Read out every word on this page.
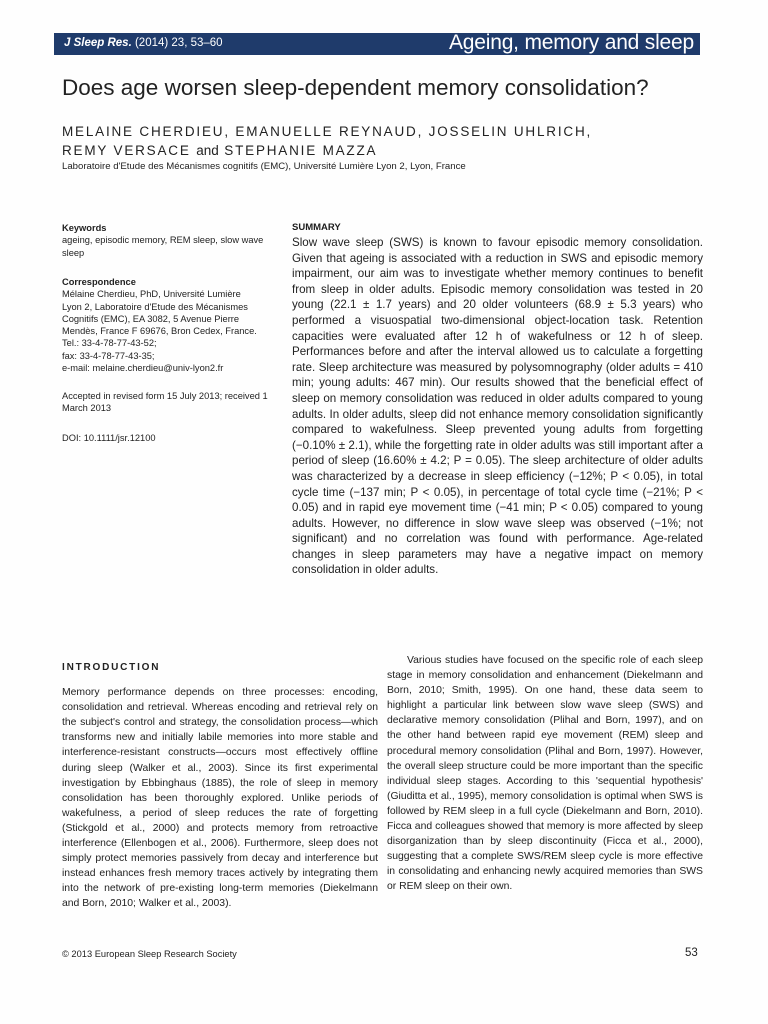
J Sleep Res. (2014) 23, 53–60	Ageing, memory and sleep
Does age worsen sleep-dependent memory consolidation?
MELAINE CHERDIEU, EMANUELLE REYNAUD, JOSSELIN UHLRICH,
REMY VERSACE and STEPHANIE MAZZA
Laboratoire d'Etude des Mécanismes cognitifs (EMC), Université Lumière Lyon 2, Lyon, France
Keywords

ageing, episodic memory, REM sleep, slow wave sleep

Correspondence

Mélaine Cherdieu, PhD, Université Lumière

Lyon 2, Laboratoire d'Etude des Mécanismes

Cognitifs (EMC), EA 3082, 5 Avenue Pierre

Mendès, France F 69676, Bron Cedex, France.

Tel.: 33-4-78-77-43-52;

fax: 33-4-78-77-43-35;

e-mail: melaine.cherdieu@univ-lyon2.fr

Accepted in revised form 15 July 2013; received 1 March 2013
DOI: 10.1111/jsr.12100
SUMMARY

Slow wave sleep (SWS) is known to favour episodic memory consolidation. Given that ageing is associated with a reduction in SWS and episodic memory impairment, our aim was to investigate whether memory continues to benefit from sleep in older adults. Episodic memory consolidation was tested in 20 young (22.1 ± 1.7 years) and 20 older volunteers (68.9 ± 5.3 years) who performed a visuospatial two-dimensional object-location task. Retention capacities were evaluated after 12 h of wakefulness or 12 h of sleep. Performances before and after the interval allowed us to calculate a forgetting rate. Sleep architecture was measured by polysomnography (older adults = 410 min; young adults: 467 min). Our results showed that the beneficial effect of sleep on memory consolidation was reduced in older adults compared to young adults. In older adults, sleep did not enhance memory consolidation significantly compared to wakefulness. Sleep prevented young adults from forgetting (−0.10% ± 2.1), while the forgetting rate in older adults was still important after a period of sleep (16.60% ± 4.2; P = 0.05). The sleep architecture of older adults was characterized by a decrease in sleep efficiency (−12%; P < 0.05), in total cycle time (−137 min; P < 0.05), in percentage of total cycle time (−21%; P < 0.05) and in rapid eye movement time (−41 min; P < 0.05) compared to young adults. However, no difference in slow wave sleep was observed (−1%; not significant) and no correlation was found with performance. Age-related changes in sleep parameters may have a negative impact on memory consolidation in older adults.

INTRODUCTION

Memory performance depends on three processes: encoding, consolidation and retrieval. Whereas encoding and retrieval rely on the subject's control and strategy, the consolidation process—which transforms new and initially labile memories into more stable and interference-resistant constructs—occurs most effectively offline during sleep (Walker et al., 2003). Since its first experimental investigation by Ebbinghaus (1885), the role of sleep in memory consolidation has been thoroughly explored. Unlike periods of wakefulness, a period of sleep reduces the rate of forgetting (Stickgold et al., 2000) and protects memory from retroactive interference (Ellenbogen et al., 2006). Furthermore, sleep does not simply protect memories passively from decay and interference but instead enhances fresh memory traces actively by integrating them into the network of pre-existing long-term memories (Diekelmann and Born, 2010; Walker et al., 2003).

Various studies have focused on the specific role of each sleep stage in memory consolidation and enhancement (Diekelmann and Born, 2010; Smith, 1995). On one hand, these data seem to highlight a particular link between slow wave sleep (SWS) and declarative memory consolidation (Plihal and Born, 1997), and on the other hand between rapid eye movement (REM) sleep and procedural memory consolidation (Plihal and Born, 1997). However, the overall sleep structure could be more important than the specific individual sleep stages. According to this 'sequential hypothesis' (Giuditta et al., 1995), memory consolidation is optimal when SWS is followed by REM sleep in a full cycle (Diekelmann and Born, 2010). Ficca and colleagues showed that memory is more affected by sleep disorganization than by sleep discontinuity (Ficca et al., 2000), suggesting that a complete SWS/REM sleep cycle is more effective in consolidating and enhancing newly acquired memories than SWS or REM sleep on their own.

© 2013 European Sleep Research Society	53
